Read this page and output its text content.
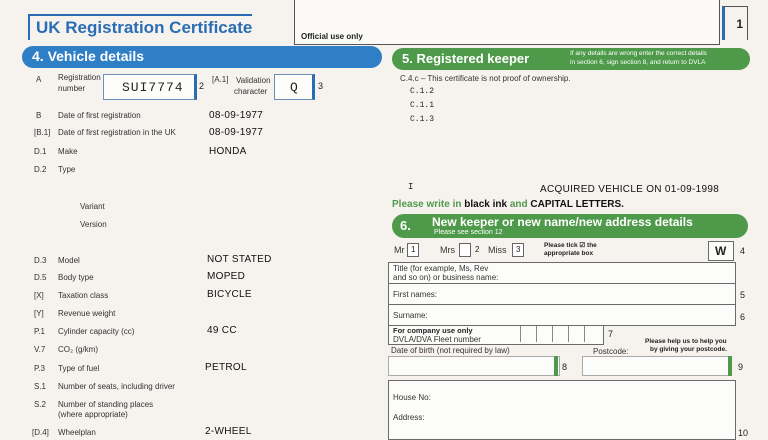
UK Registration Certificate	Official use only
1
4. Vehicle details
A Registration
number	SUI7774 2
[A.1] Validation
character Q 3
B Date of first registration	08-09-1977
[B.1] Date of first registration in the UK	08-09-1977
D.1 Make	HONDA
D.2 Type
Variant
Version
D.3 Model	NOT STATED
D.5 Body type	MOPED
[X] Taxation class	BICYCLE
[Y] Revenue weight
P.1 Cylinder capacity (cc)	49 CC
V.7 CO₂ (g/km)
P.3 Type of fuel	PETROL
S.1 Number of seats, including driver
S.2 Number of standing places
(where appropriate)
[D.4] Wheelplan	2-WHEEL
5. Registered keeper	If any details are wrong enter the correct details
in section 6, sign section 8, and return to DVLA
C.4.c – This certificate is not proof of ownership.
C.1.2
C.1.1
C.1.3
I	ACQUIRED VEHICLE ON 01-09-1998
Please write in black ink and CAPITAL LETTERS.
6. New keeper or new name/new address details
Please see section 12
Mr 1	Mrs	2 Miss 3	Please tick ☑ the
appropriate box	W 4
Title (for example, Ms, Rev
and so on) or business name:
First names:	5
Surname:	6
For company use only
DVLA/DVA Fleet number
7
Date of birth (not required by law)
8
Postcode:
Please help us to help you
by giving your postcode.
9
House No:
Address:
10
